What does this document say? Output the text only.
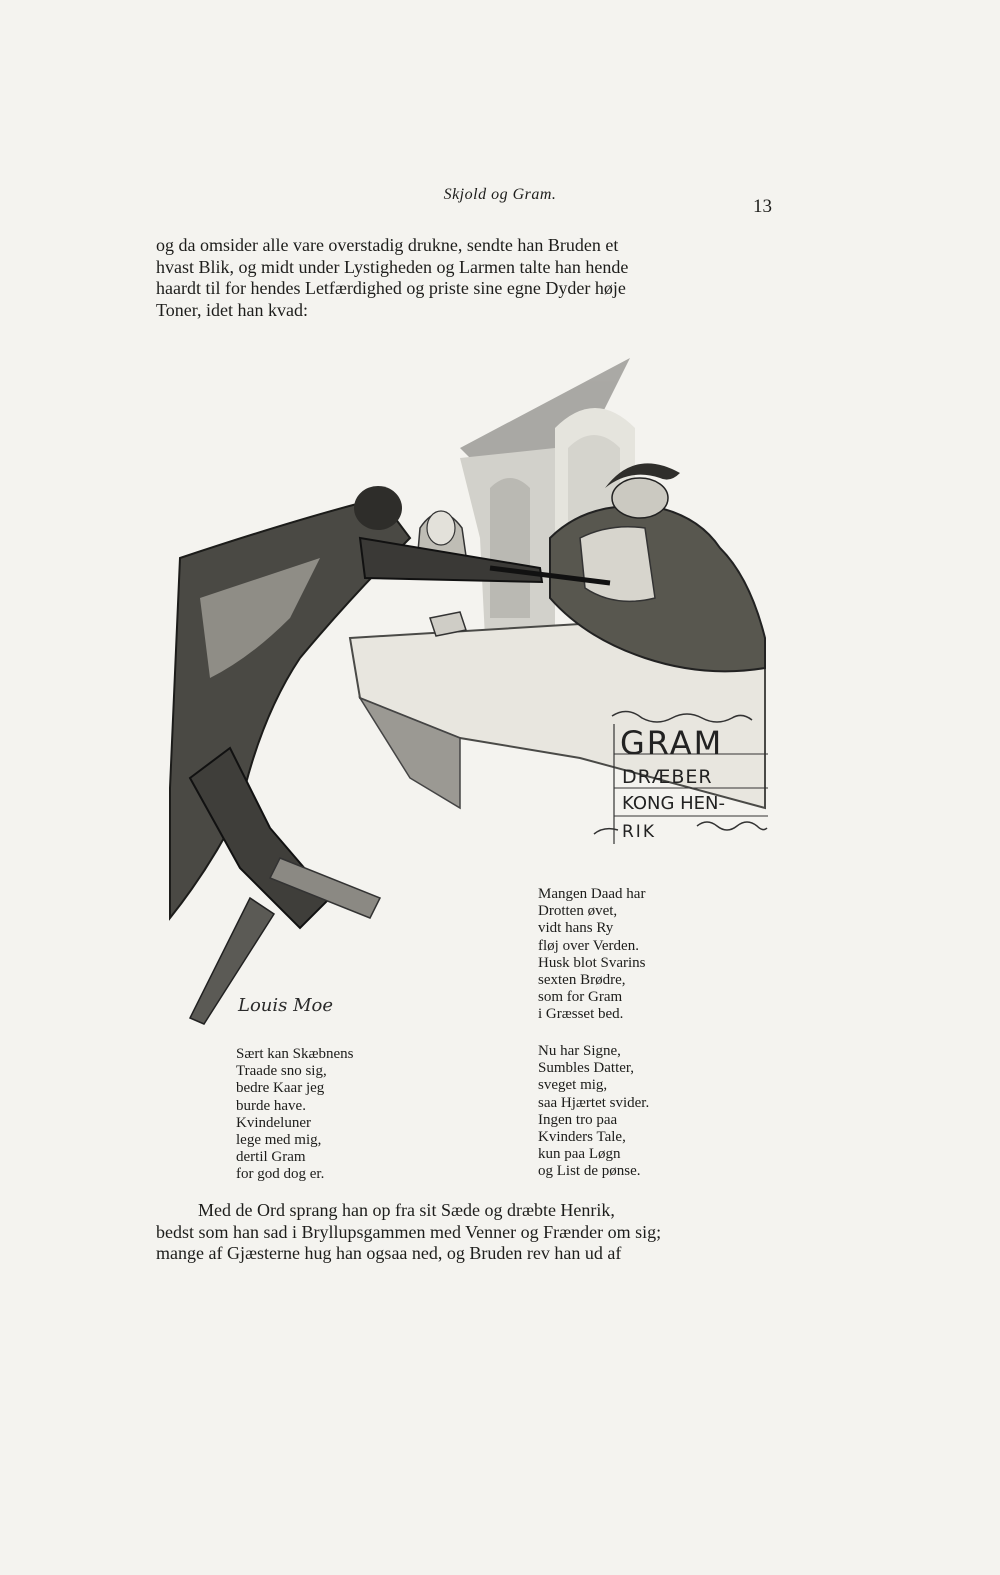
Skjold og Gram.
13
og da omsider alle vare overstadig drukne, sendte han Bruden et
hvast Blik, og midt under Lystigheden og Larmen talte han hende
haardt til for hendes Letfærdighed og priste sine egne Dyder høje
Toner, idet han kvad:
GRAM
DRÆBER
KONG HEN-
RIK
Louis Moe
Mangen Daad har
Drotten øvet,
vidt hans Ry
fløj over Verden.
Husk blot Svarins
sexten Brødre,
som for Gram
i Græsset bed.
Sært kan Skæbnens
Traade sno sig,
bedre Kaar jeg
burde have.
Kvindeluner
lege med mig,
dertil Gram
for god dog er.
Nu har Signe,
Sumbles Datter,
sveget mig,
saa Hjærtet svider.
Ingen tro paa
Kvinders Tale,
kun paa Løgn
og List de pønse.
Med de Ord sprang han op fra sit Sæde og dræbte Henrik,
bedst som han sad i Bryllupsgammen med Venner og Frænder om sig;
mange af Gjæsterne hug han ogsaa ned, og Bruden rev han ud af
